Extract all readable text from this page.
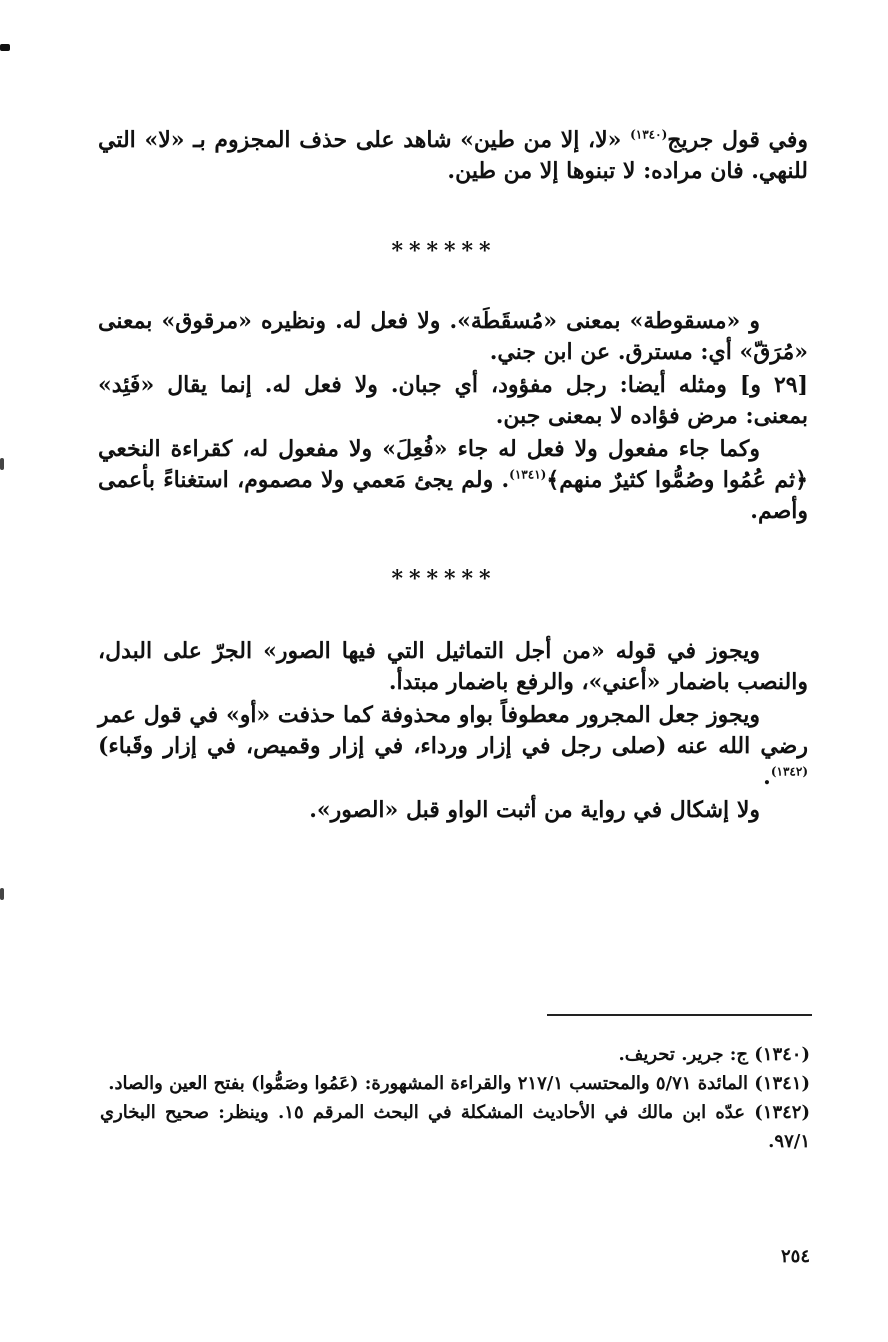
وفي قول جريج$^{(١٣٤٠)}$ «لا، إلا من طين» شاهد على حذف المجزوم بـ «لا» التي للنهي. فان مراده: لا تبنوها إلا من طين.

******

و «مسقوطة» بمعنى «مُسقَطَة». ولا فعل له. ونظيره «مرقوق» بمعنى «مُرَقّ» أي: مسترق. عن ابن جني.

[٢٩ و] ومثله أيضا: رجل مفؤود، أي جبان. ولا فعل له. إنما يقال «فَئِد» بمعنى: مرض فؤاده لا بمعنى جبن.

وكما جاء مفعول ولا فعل له جاء «فُعِلَ» ولا مفعول له، كقراءة النخعي ﴿ثم عُمُوا وصُمُّوا كثيرٌ منهم﴾$^{(١٣٤١)}$. ولم يجئ مَعمي ولا مصموم، استغناءً بأعمى وأصم.

******

ويجوز في قوله «من أجل التماثيل التي فيها الصور» الجرّ على البدل، والنصب باضمار «أعني»، والرفع باضمار مبتدأ.

ويجوز جعل المجرور معطوفاً بواو محذوفة كما حذفت «أو» في قول عمر رضي الله عنه (صلى رجل في إزار ورداء، في إزار وقميص، في إزار وقَباء)$^{(١٣٤٢)}$.

ولا إشكال في رواية من أثبت الواو قبل «الصور».

(١٣٤٠) ج: جرير. تحريف.

(١٣٤١) المائدة ٥/٧١ والمحتسب ٢١٧/١ والقراءة المشهورة: (عَمُوا وصَمُّوا) بفتح العين والصاد.

(١٣٤٢) عدّه ابن مالك في الأحاديث المشكلة في البحث المرقم ١٥. وينظر: صحيح البخاري ٩٧/١.

٢٥٤
